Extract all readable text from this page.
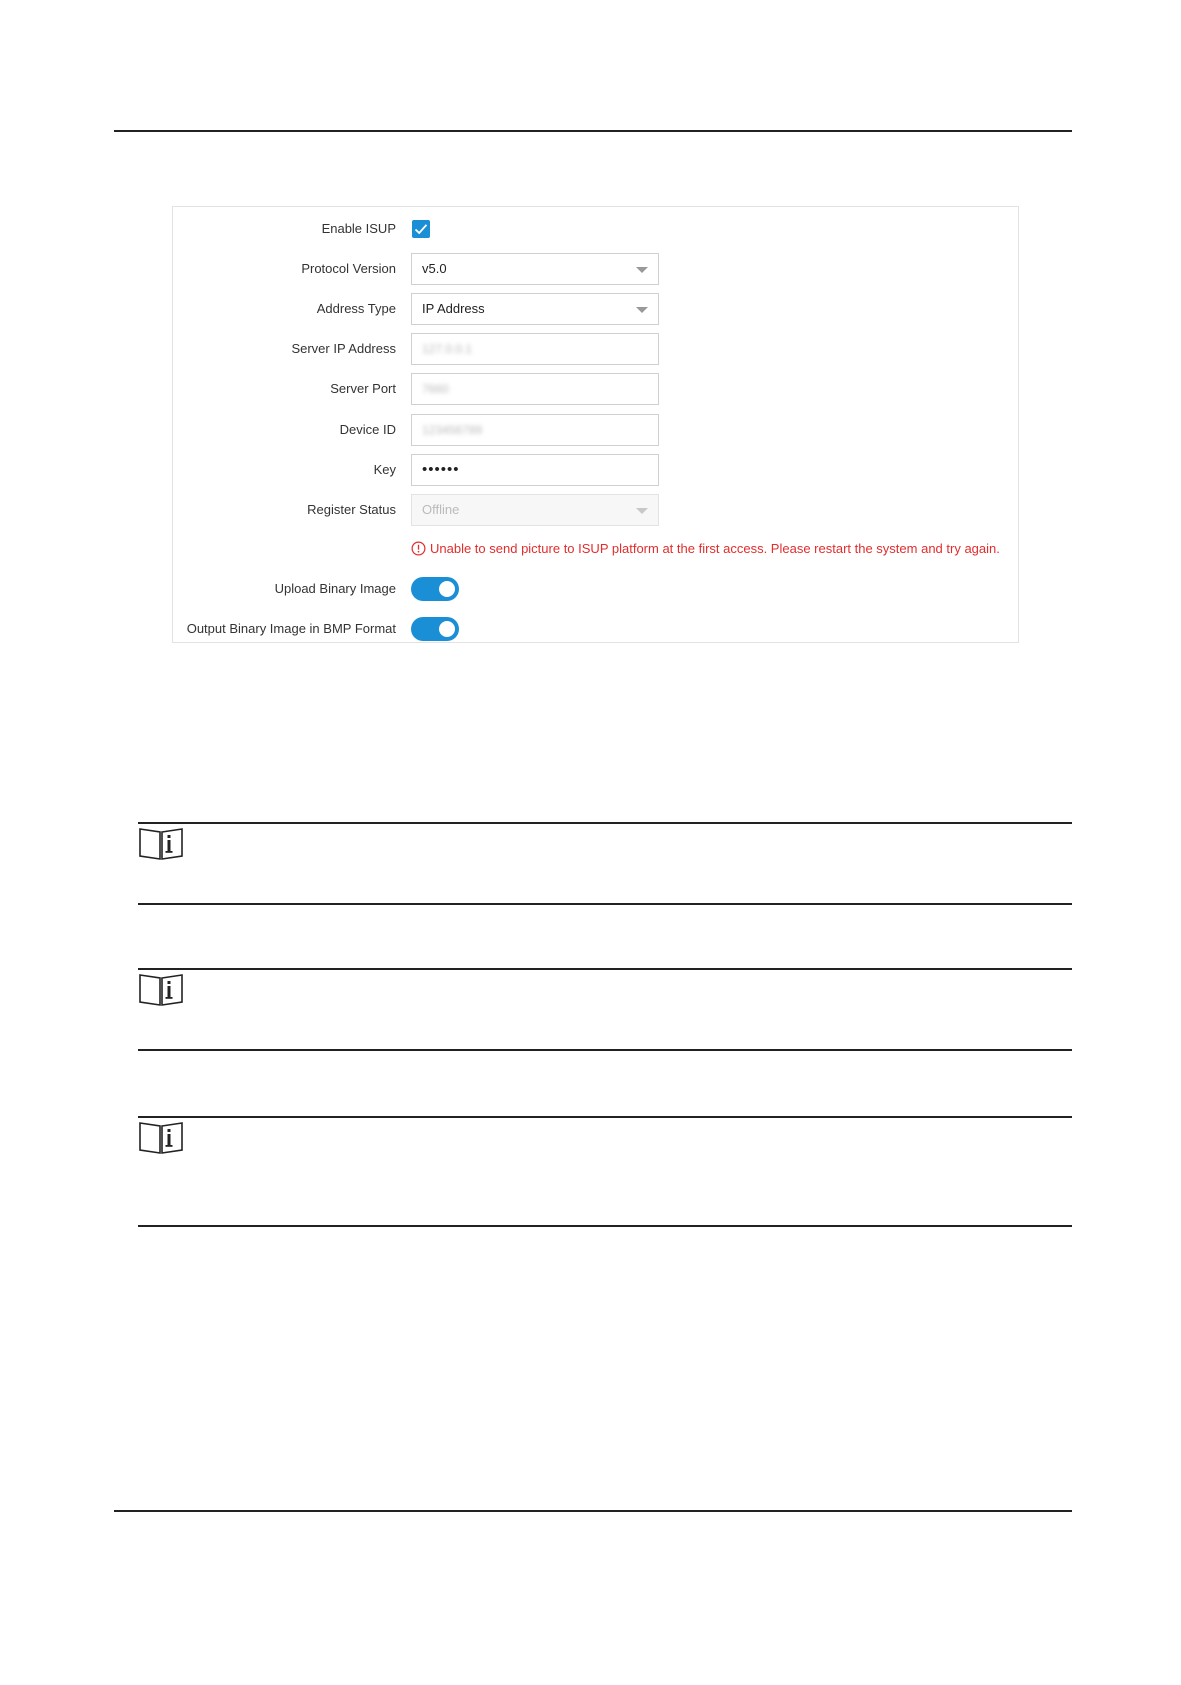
Enable ISUP
Protocol Version	v5.0
Address Type	IP Address
Server IP Address	127.0.0.1
Server Port	7660
Device ID	123456789
Key	••••••
Register Status	Offline
Unable to send picture to ISUP platform at the first access. Please restart the system and try again.
Upload Binary Image
Output Binary Image in BMP Format
